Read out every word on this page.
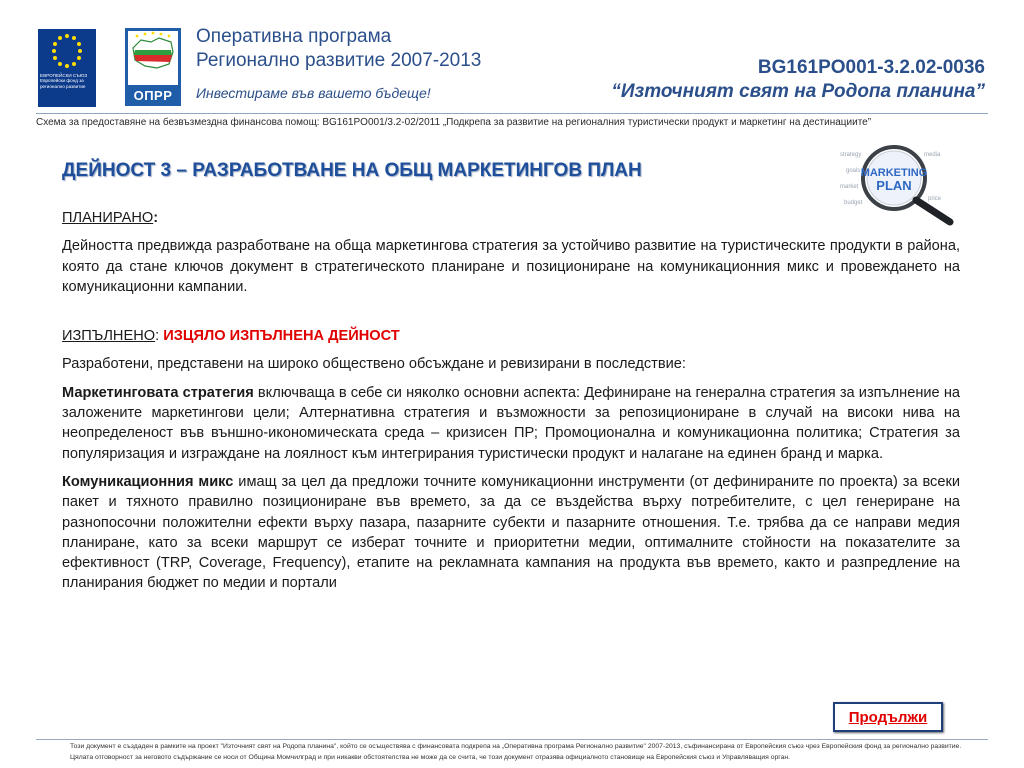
ЕВРОПЕЙСКИ СЪЮЗ Европейски фонд за регионално развитие
ОПРР
Оперативна програма
Регионално развитие 2007-2013
Инвестираме във вашето бъдеще!
BG161PO001-3.2.02-0036
“Източният свят на Родопа планина”
Схема за предоставяне на безвъзмездна финансова помощ: BG161PO001/3.2-02/2011 „Подкрепа за развитие на регионалния туристически продукт и маркетинг на дестинациите”
ДЕЙНОСТ 3 – РАЗРАБОТВАНЕ НА ОБЩ МАРКЕТИНГОВ ПЛАН
strategy
goals
market
budget
media
price
MARKETING
PLAN

ПЛАНИРАНО:

Дейността предвижда разработване на обща маркетингова стратегия за устойчиво развитие на туристическите продукти в района, която да стане ключов документ в стратегическото планиране и позициониране на комуникационния микс и провеждането на комуникационни кампании.

ИЗПЪЛНЕНО: ИЗЦЯЛО ИЗПЪЛНЕНА ДЕЙНОСТ

Разработени, представени на широко обществено обсъждане и ревизирани в последствие:

Маркетинговата стратегия включваща в себе си няколко основни аспекта: Дефиниране на генерална стратегия за изпълнение на заложените маркетингови цели; Алтернативна стратегия и възможности за репозициониране в случай на високи нива на неопределеност във външно-икономическата среда – кризисен ПР; Промоционална и комуникационна политика; Стратегия за популяризация и изграждане на лоялност към интегрирания туристически продукт и налагане на единен бранд и марка.

Комуникационния микс имащ за цел да предложи точните комуникационни инструменти (от дефинираните по проекта) за всеки пакет и тяхното правилно позициониране във времето, за да се въздейства върху потребителите, с цел генериране на разнопосочни положителни ефекти върху пазара, пазарните субекти и пазарните отношения. Т.е. трябва да се направи медия планиране, като за всеки маршрут се изберат точните и приоритетни медии, оптималните стойности на показателите за ефективност (TRP, Coverage, Frequency), етапите на рекламната кампания на продукта във времето, както и разпредление на планирания бюджет по медии и портали

Продължи
Този документ е създаден в рамките на проект "Източният свят на Родопа планина", който се осъществява с финансовата подкрепа на „Оперативна програма Регионално развитие" 2007-2013, съфинансирана от Европейския съюз чрез Европейския фонд за регионално развитие.
Цялата отговорност за неговото съдържание се носи от Община Момчилград и при никакви обстоятелства не може да се счита, че този документ отразява официалното становище на Европейския съюз и Управляващия орган.
